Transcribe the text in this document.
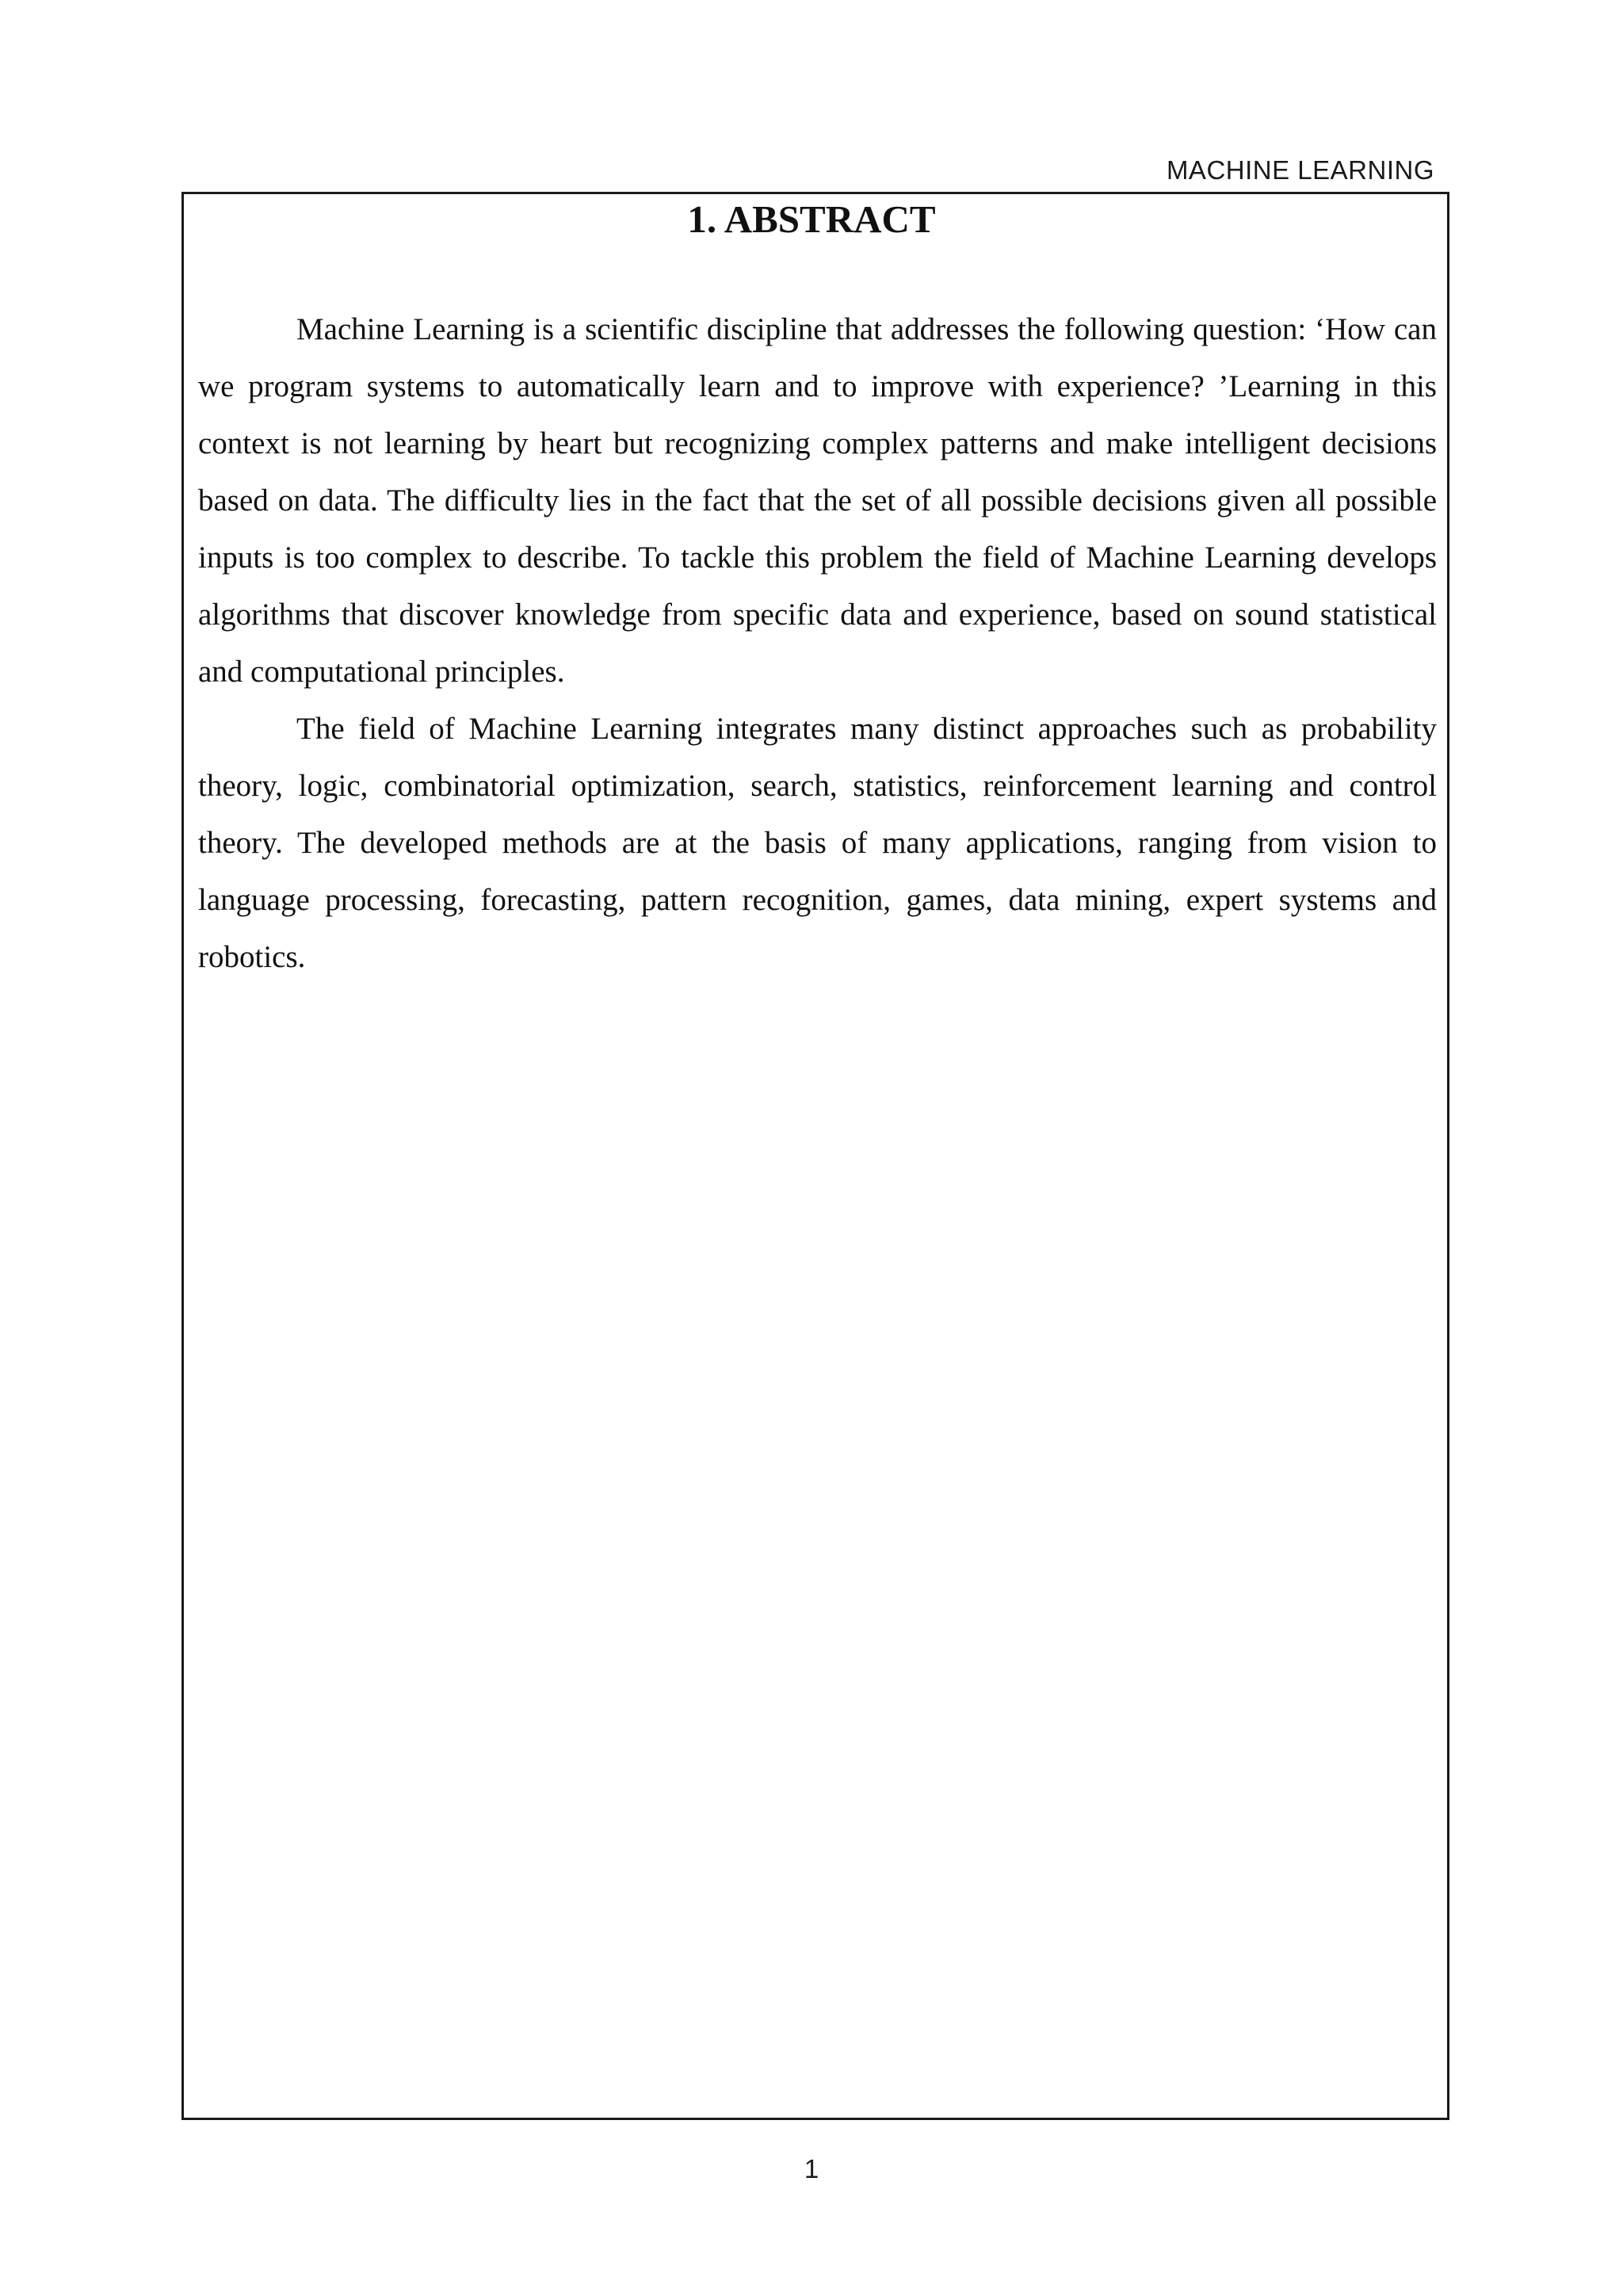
MACHINE LEARNING
1. ABSTRACT

Machine Learning is a scientific discipline that addresses the following question: ‘How can we program systems to automatically learn and to improve with experience? ’Learning in this context is not learning by heart but recognizing complex patterns and make intelligent decisions based on data. The difficulty lies in the fact that the set of all possible decisions given all possible inputs is too complex to describe. To tackle this problem the field of Machine Learning develops algorithms that discover knowledge from specific data and experience, based on sound statistical and computational principles.

The field of Machine Learning integrates many distinct approaches such as probability theory, logic, combinatorial optimization, search, statistics, reinforcement learning and control theory. The developed methods are at the basis of many applications, ranging from vision to language processing, forecasting, pattern recognition, games, data mining, expert systems and robotics.

1
